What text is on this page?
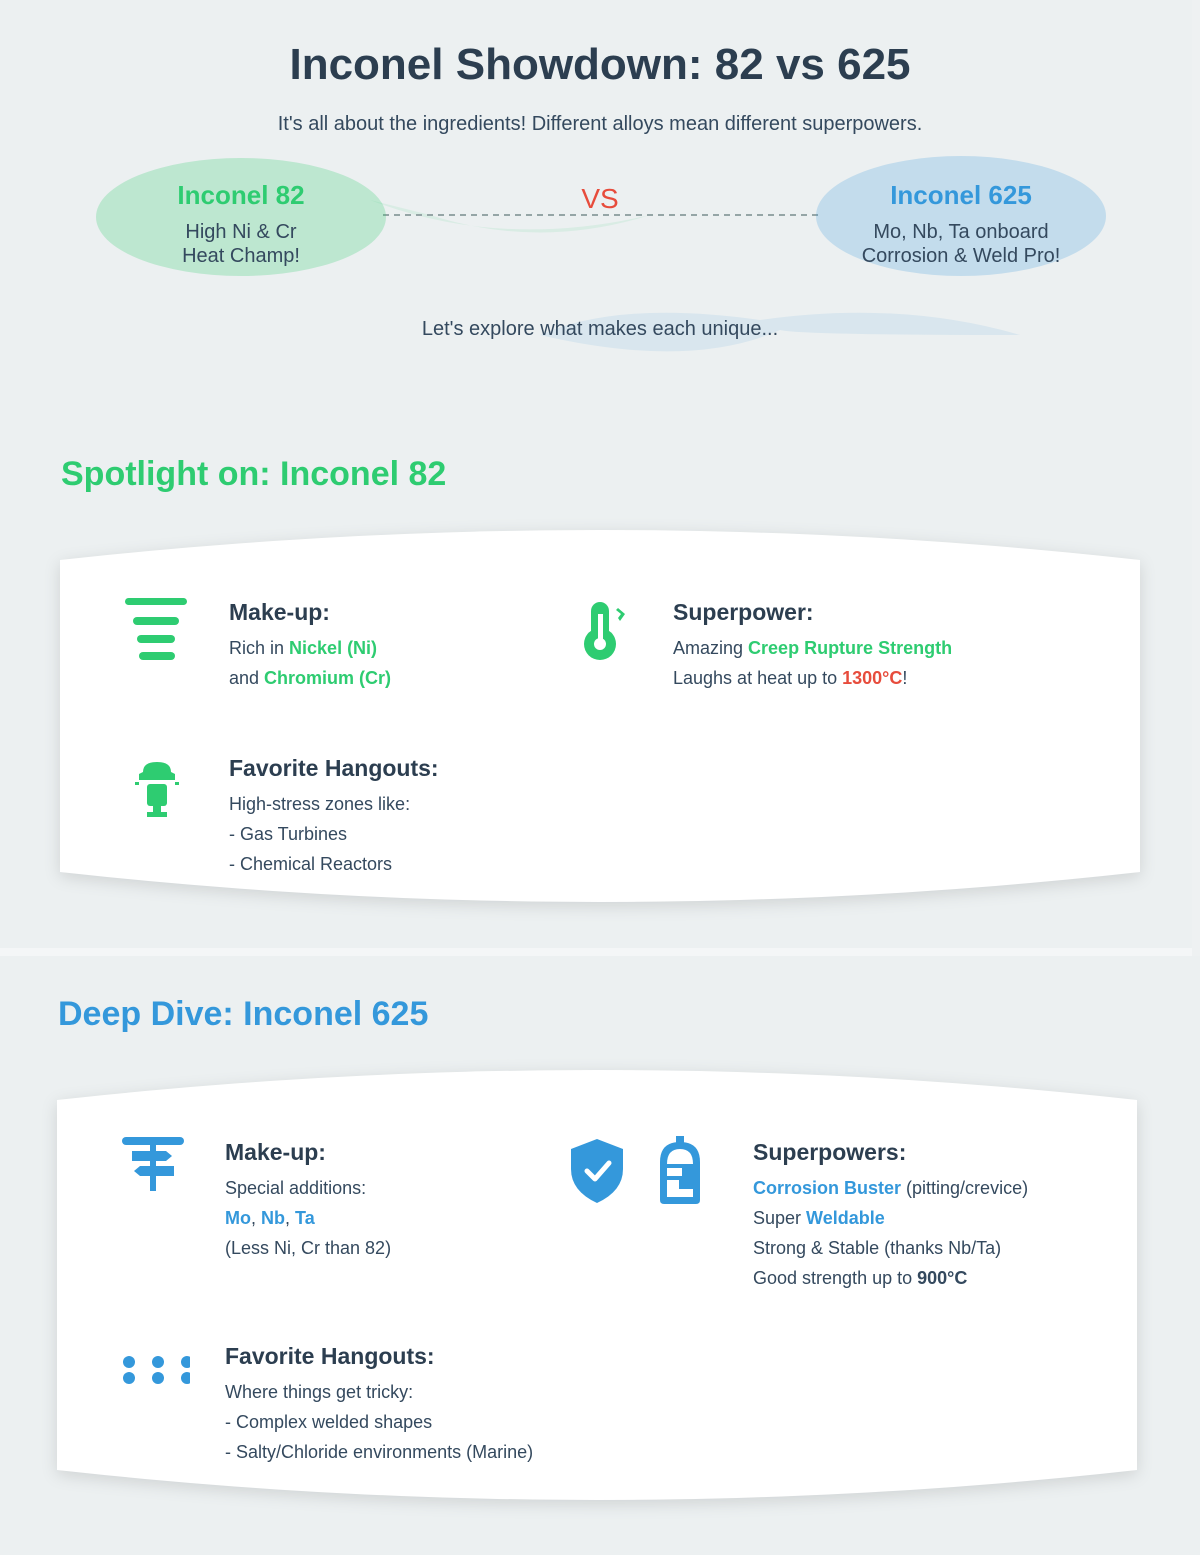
Inconel Showdown: 82 vs 625
It's all about the ingredients! Different alloys mean different superpowers.
Inconel 82
High Ni & Cr
Heat Champ!
VS	Inconel 625
Mo, Nb, Ta onboard
Corrosion & Weld Pro!
Let's explore what makes each unique...
Spotlight on: Inconel 82
Make-up:
Rich in Nickel (Ni)
and Chromium (Cr)
Superpower:
Amazing Creep Rupture Strength
Laughs at heat up to 1300°C!
Favorite Hangouts:
High-stress zones like:
- Gas Turbines
- Chemical Reactors
Deep Dive: Inconel 625
Make-up:
Special additions:
Mo, Nb, Ta
(Less Ni, Cr than 82)
Superpowers:
Corrosion Buster (pitting/crevice)
Super Weldable
Strong & Stable (thanks Nb/Ta)
Good strength up to 900°C
Favorite Hangouts:
Where things get tricky:
- Complex welded shapes
- Salty/Chloride environments (Marine)
